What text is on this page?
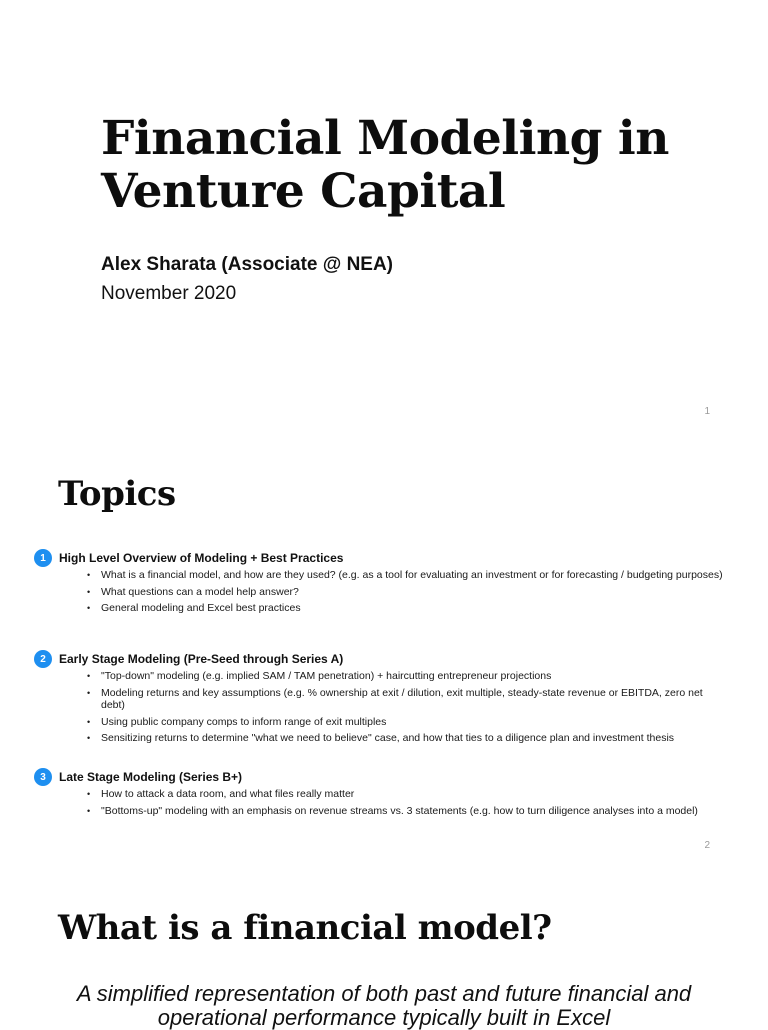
Financial Modeling in Venture Capital

Alex Sharata (Associate @ NEA)

November 2020

1
Topics
1	High Level Overview of Modeling + Best Practices
• What is a financial model, and how are they used? (e.g. as a tool for evaluating an investment or for forecasting / budgeting purposes)
• What questions can a model help answer?
• General modeling and Excel best practices
2	Early Stage Modeling (Pre-Seed through Series A)
• "Top-down" modeling (e.g. implied SAM / TAM penetration) + haircutting entrepreneur projections
• Modeling returns and key assumptions (e.g. % ownership at exit / dilution, exit multiple, steady-state revenue or EBITDA, zero net debt)
• Using public company comps to inform range of exit multiples
• Sensitizing returns to determine "what we need to believe" case, and how that ties to a diligence plan and investment thesis
3	Late Stage Modeling (Series B+)
• How to attack a data room, and what files really matter
• "Bottoms-up" modeling with an emphasis on revenue streams vs. 3 statements (e.g. how to turn diligence analyses into a model)
2
What is a financial model?

A simplified representation of both past and future financial and operational performance typically built in Excel
